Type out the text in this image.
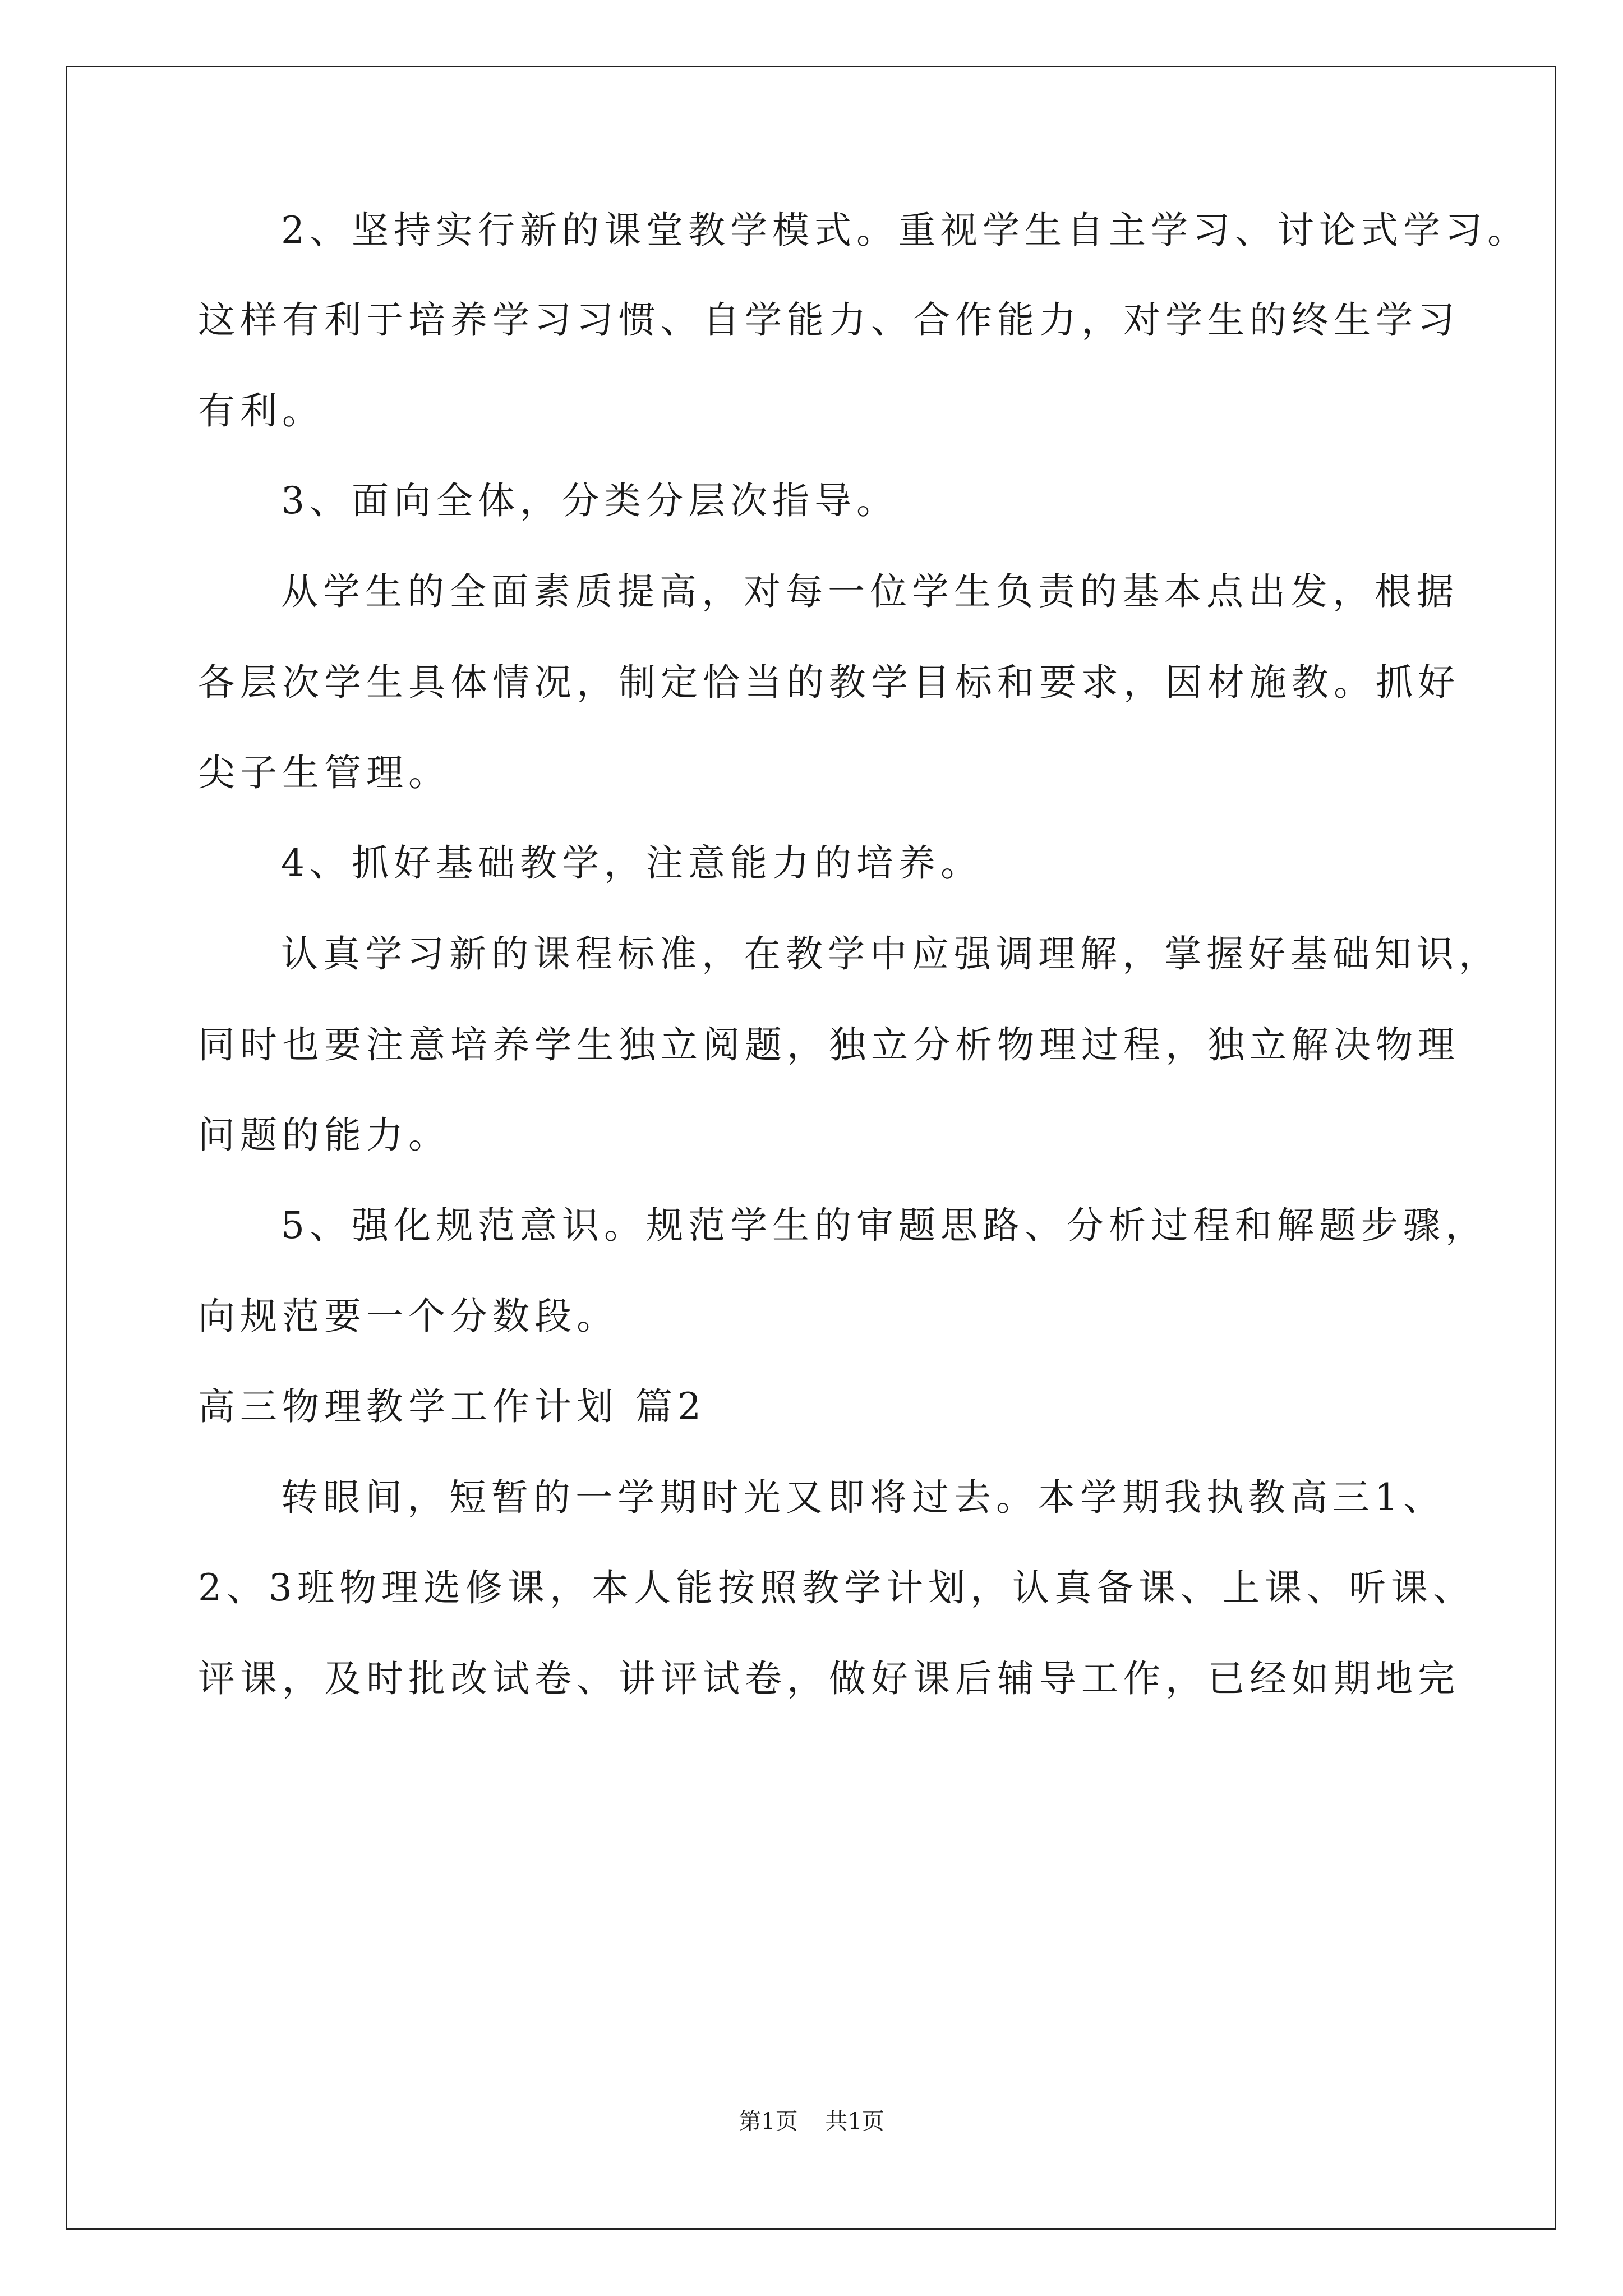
2、坚持实行新的课堂教学模式。重视学生自主学习、讨论式学习。
这样有利于培养学习习惯、自学能力、合作能力，对学生的终生学习
有利。
3、面向全体，分类分层次指导。
从学生的全面素质提高，对每一位学生负责的基本点出发，根据
各层次学生具体情况，制定恰当的教学目标和要求，因材施教。抓好
尖子生管理。
4、抓好基础教学，注意能力的培养。
认真学习新的课程标准，在教学中应强调理解，掌握好基础知识，
同时也要注意培养学生独立阅题，独立分析物理过程，独立解决物理
问题的能力。
5、强化规范意识。规范学生的审题思路、分析过程和解题步骤，
向规范要一个分数段。
高三物理教学工作计划 篇2
转眼间，短暂的一学期时光又即将过去。本学期我执教高三1、
2、3班物理选修课，本人能按照教学计划，认真备课、上课、听课、
评课，及时批改试卷、讲评试卷，做好课后辅导工作，已经如期地完
第1页 共1页
